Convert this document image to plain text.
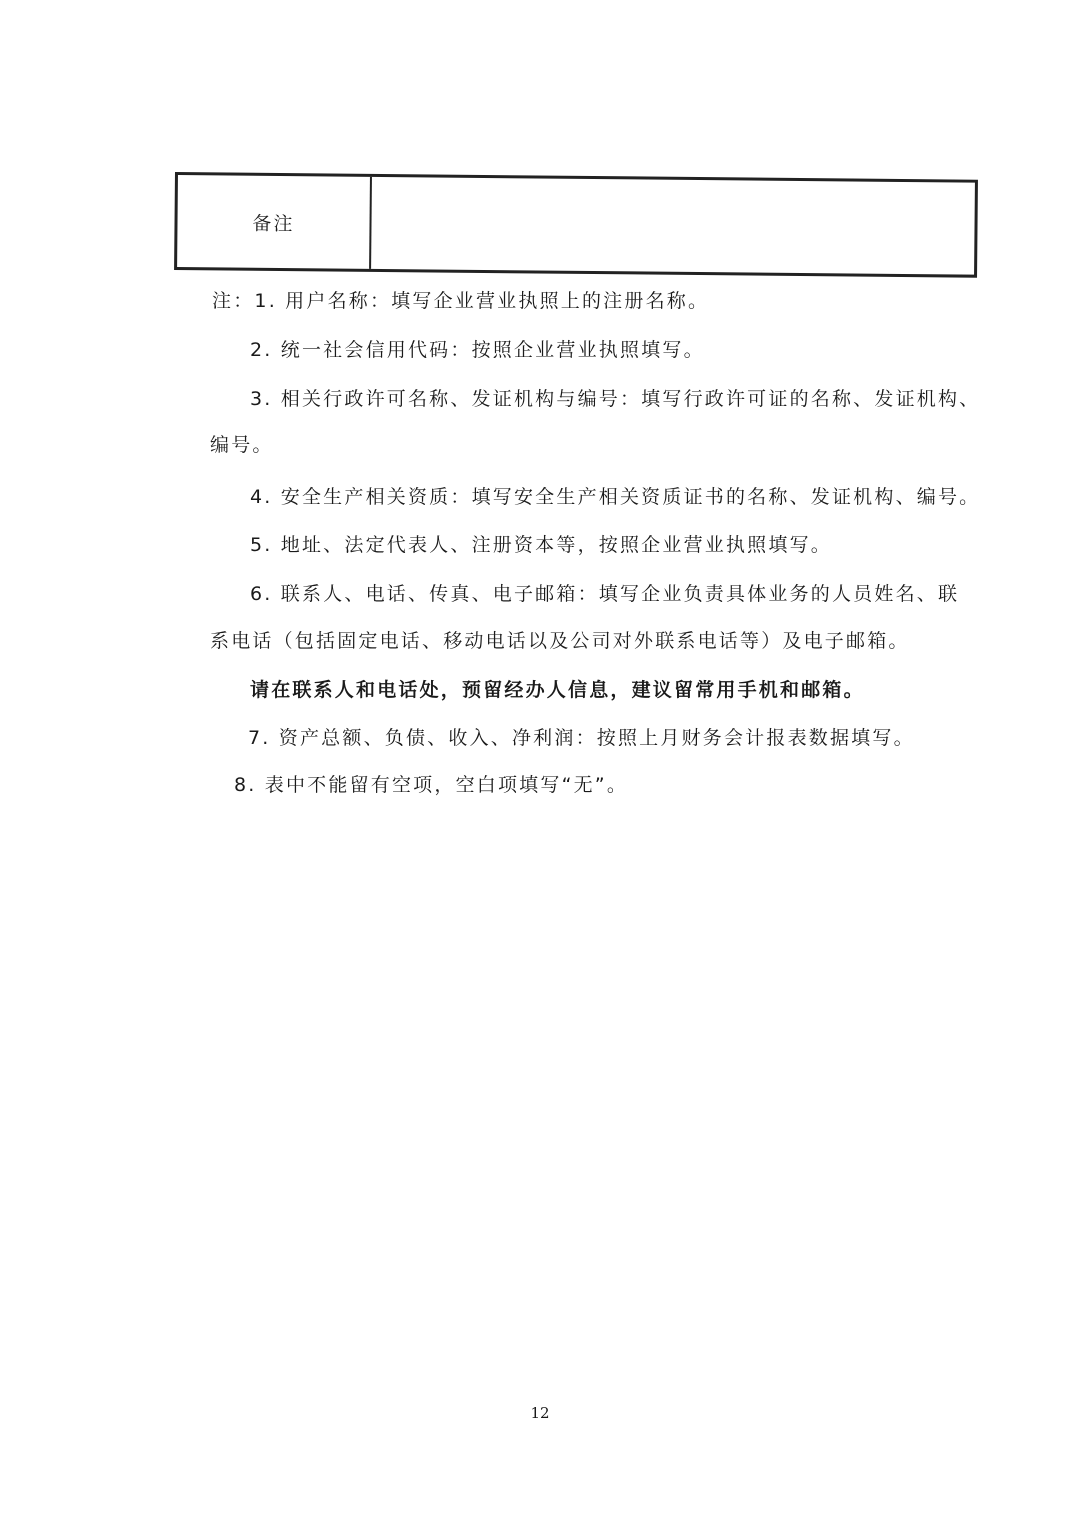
备注
注：1. 用户名称：填写企业营业执照上的注册名称。
2. 统一社会信用代码：按照企业营业执照填写。
3. 相关行政许可名称、发证机构与编号：填写行政许可证的名称、发证机构、
编号。
4. 安全生产相关资质：填写安全生产相关资质证书的名称、发证机构、编号。
5. 地址、法定代表人、注册资本等，按照企业营业执照填写。
6. 联系人、电话、传真、电子邮箱：填写企业负责具体业务的人员姓名、联
系电话（包括固定电话、移动电话以及公司对外联系电话等）及电子邮箱。
请在联系人和电话处，预留经办人信息，建议留常用手机和邮箱。
7. 资产总额、负债、收入、净利润：按照上月财务会计报表数据填写。
8. 表中不能留有空项，空白项填写“无”。
12
